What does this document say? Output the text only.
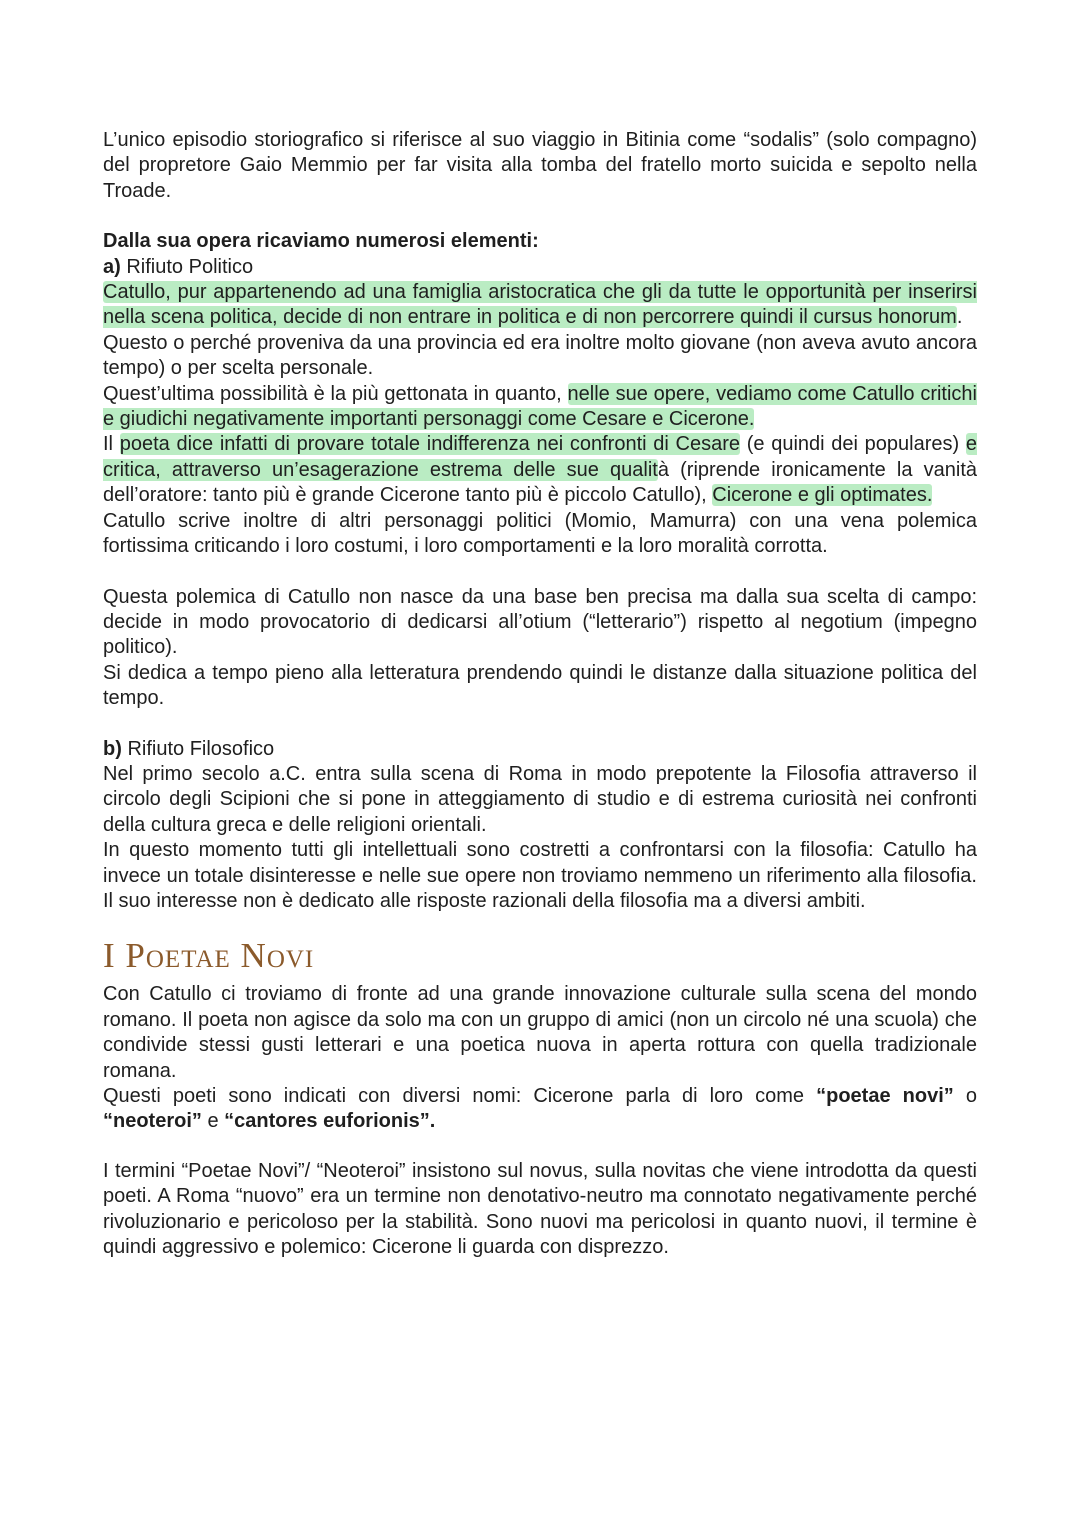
L’unico episodio storiografico si riferisce al suo viaggio in Bitinia come “sodalis” (solo compagno) del propretore Gaio Memmio per far visita alla tomba del fratello morto suicida e sepolto nella Troade.

Dalla sua opera ricaviamo numerosi elementi:

a) Rifiuto Politico

Catullo, pur appartenendo ad una famiglia aristocratica che gli da tutte le opportunità per inserirsi nella scena politica, decide di non entrare in politica e di non percorrere quindi il cursus honorum.

Questo o perché proveniva da una provincia ed era inoltre molto giovane (non aveva avuto ancora tempo) o per scelta personale.

Quest’ultima possibilità è la più gettonata in quanto, nelle sue opere, vediamo come Catullo critichi e giudichi negativamente importanti personaggi come Cesare e Cicerone.

Il poeta dice infatti di provare totale indifferenza nei confronti di Cesare (e quindi dei populares) e critica, attraverso un’esagerazione estrema delle sue qualità (riprende ironicamente la vanità dell’oratore: tanto più è grande Cicerone tanto più è piccolo Catullo), Cicerone e gli optimates.

Catullo scrive inoltre di altri personaggi politici (Momio, Mamurra) con una vena polemica fortissima criticando i loro costumi, i loro comportamenti e la loro moralità corrotta.

Questa polemica di Catullo non nasce da una base ben precisa ma dalla sua scelta di campo: decide in modo provocatorio di dedicarsi all’otium (“letterario”) rispetto al negotium (impegno politico).

Si dedica a tempo pieno alla letteratura prendendo quindi le distanze dalla situazione politica del tempo.

b) Rifiuto Filosofico

Nel primo secolo a.C. entra sulla scena di Roma in modo prepotente la Filosofia attraverso il circolo degli Scipioni che si pone in atteggiamento di studio e di estrema curiosità nei confronti della cultura greca e delle religioni orientali.

In questo momento tutti gli intellettuali sono costretti a confrontarsi con la filosofia: Catullo ha invece un totale disinteresse e nelle sue opere non troviamo nemmeno un riferimento alla filosofia. Il suo interesse non è dedicato alle risposte razionali della filosofia ma a diversi ambiti.

I Poetae Novi

Con Catullo ci troviamo di fronte ad una grande innovazione culturale sulla scena del mondo romano. Il poeta non agisce da solo ma con un gruppo di amici (non un circolo né una scuola) che condivide stessi gusti letterari e una poetica nuova in aperta rottura con quella tradizionale romana.

Questi poeti sono indicati con diversi nomi: Cicerone parla di loro come “poetae novi” o “neoteroi” e “cantores euforionis”.

I termini “Poetae Novi”/ “Neoteroi” insistono sul novus, sulla novitas che viene introdotta da questi poeti. A Roma “nuovo” era un termine non denotativo-neutro ma connotato negativamente perché rivoluzionario e pericoloso per la stabilità. Sono nuovi ma pericolosi in quanto nuovi, il termine è quindi aggressivo e polemico: Cicerone li guarda con disprezzo.
